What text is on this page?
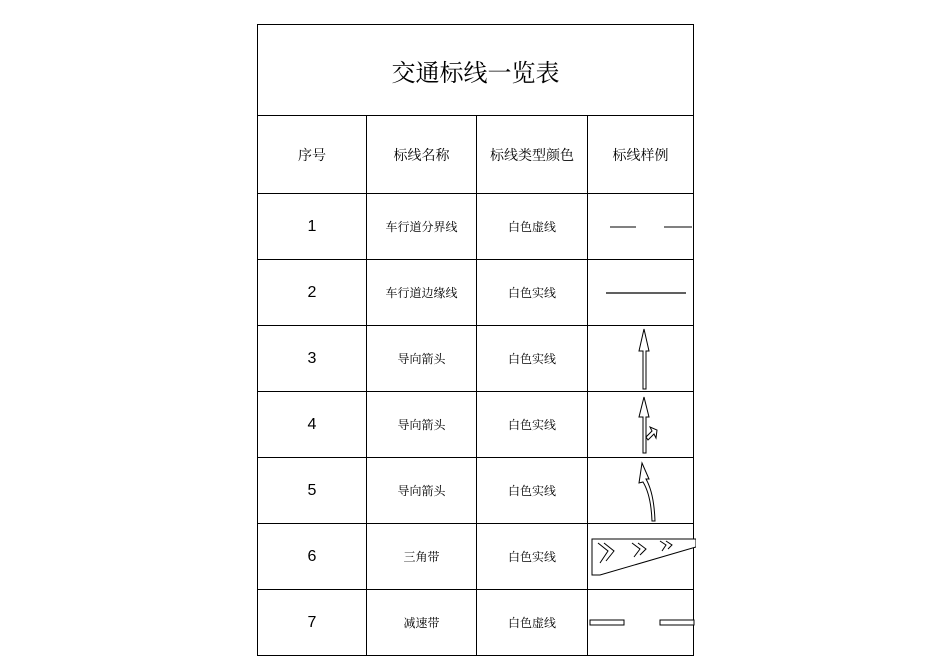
交通标线一览表
序号	标线名称	标线类型颜色	标线样例
1	车行道分界线	白色虚线	

2	车行道边缘线	白色实线	

3	导向箭头	白色实线	

4	导向箭头	白色实线	

5	导向箭头	白色实线	

6	三角带	白色实线	

7	减速带	白色虚线	
